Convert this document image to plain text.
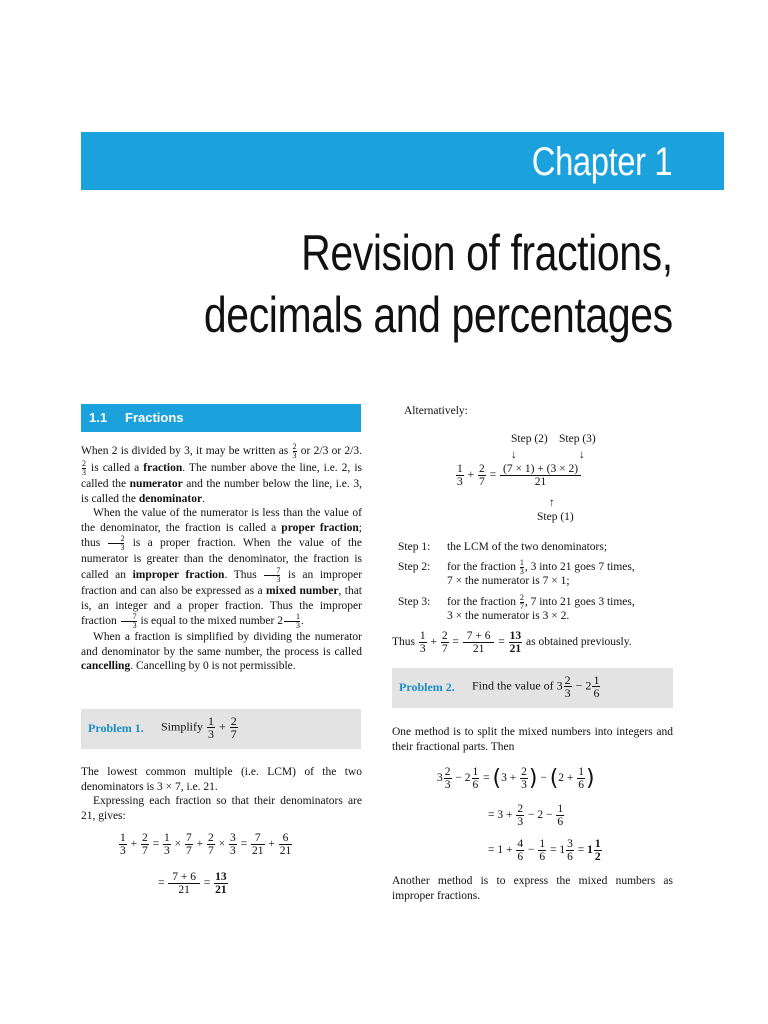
Chapter 1
Revision of fractions,
decimals and percentages
1.1 Fractions

When 2 is divided by 3, it may be written as $\frac{2}{3}$ or 2/3 or 2/3.
$\frac{2}{3}$ is called a fraction. The number above the line, i.e. 2, is called the numerator and the number below the line, i.e. 3, is called the denominator.

When the value of the numerator is less than the value of the denominator, the fraction is called a proper fraction; thus $\frac{2}{3}$ is a proper fraction. When the value of the numerator is greater than the denominator, the fraction is called an improper fraction. Thus $\frac{7}{3}$ is an improper fraction and can also be expressed as a mixed number, that is, an integer and a proper fraction. Thus the improper fraction $\frac{7}{3}$ is equal to the mixed number $2 \frac{1}{3}$ .

When a fraction is simplified by dividing the numerator and denominator by the same number, the process is called cancelling. Cancelling by 0 is not permissible.

Problem 1. Simplify $\frac{1}{3} + \frac{2}{7}$

The lowest common multiple (i.e. LCM) of the two denominators is 3 × 7, i.e. 21.

Expressing each fraction so that their denominators are 21, gives:

$\frac{1}{3} + \frac{2}{7} = \frac{1}{3} \times \frac{7}{7} + \frac{2}{7} \times \frac{3}{3} = \frac{7}{21} + \frac{6}{21}$
= $\frac{7 + 6}{21} = \frac{13}{21}$
Alternatively:
Step (2) Step (3)
↓	↓
$\frac{1}{3} + \frac{2}{7} = \frac{(7 \times 1) + (3 \times 2)}{21}$
↑
Step (1)
Step 1: the LCM of the two denominators;
Step 2: for the fraction $\frac{1}{3}$ , 3 into 21 goes 7 times,
7 × the numerator is 7 × 1;
Step 3: for the fraction $\frac{2}{7}$ , 7 into 21 goes 3 times,
3 × the numerator is 3 × 2.
Thus $\frac{1}{3} + \frac{2}{7} = \frac{7 + 6}{21} = \frac{13}{21}$ as obtained previously.
Problem 2. Find the value of $3 \frac{2}{3} - 2 \frac{1}{6}$
One method is to split the mixed numbers into integers and their fractional parts. Then
$3 \frac{2}{3} - 2 \frac{1}{6} = (3 + \frac{2}{3}$ ) − ($2 + \frac{1}{6}$ )
= $3 + \frac{2}{3} - 2 - \frac{1}{6}$
= $1 + \frac{4}{6} - \frac{1}{6} = 1 \frac{3}{6} = 1 \frac{1}{2}$
Another method is to express the mixed numbers as improper fractions.
